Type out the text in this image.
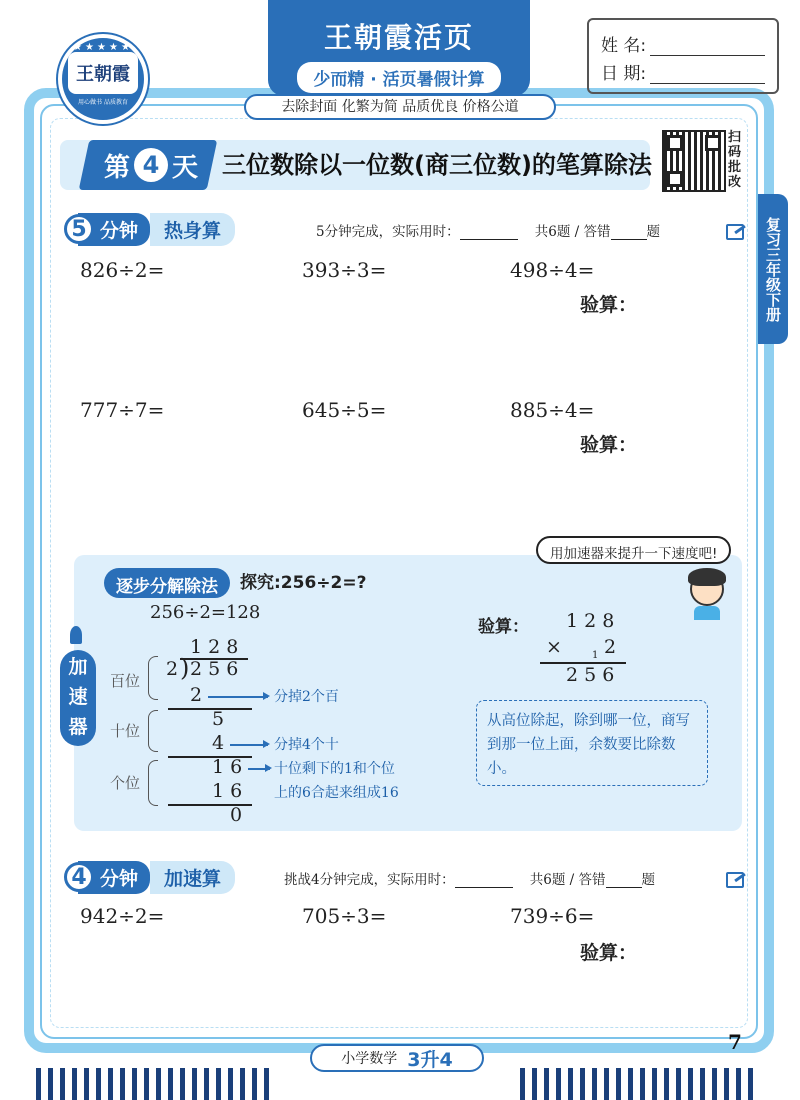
★★★★★
王朝霞
用心做书 品质教育
王朝霞活页
少而精 · 活页暑假计算
去除封面 化繁为简 品质优良 价格公道
姓 名:
日 期:
第 4 天 三位数除以一位数(商三位数)的笔算除法
扫码批改
复习三年级下册
5 分钟	热身算	5分钟完成，实际用时：	共6题 / 答错	题
826÷2=	393÷3=	498÷4=
验算：
777÷7=	645÷5=	885÷4=
验算：
加速器
用加速器来提升一下速度吧!
逐步分解除法	探究:256÷2=?
256÷2=128
1 2 8
2 ) 2 5 6
百位
2	分掉2个百
5
十位
4	分掉4个十
个位
1 6 十位剩下的1和个位
1 6 上的6合起来组成16
0
验算： 1 2 8
× 2
1
2 5 6
从高位除起，除到哪一位，商写到那一位上面，余数要比除数小。
4 分钟	加速算	挑战4分钟完成，实际用时：	共6题 / 答错	题
942÷2=	705÷3=	739÷6=
验算：
小学数学 3升4
7
